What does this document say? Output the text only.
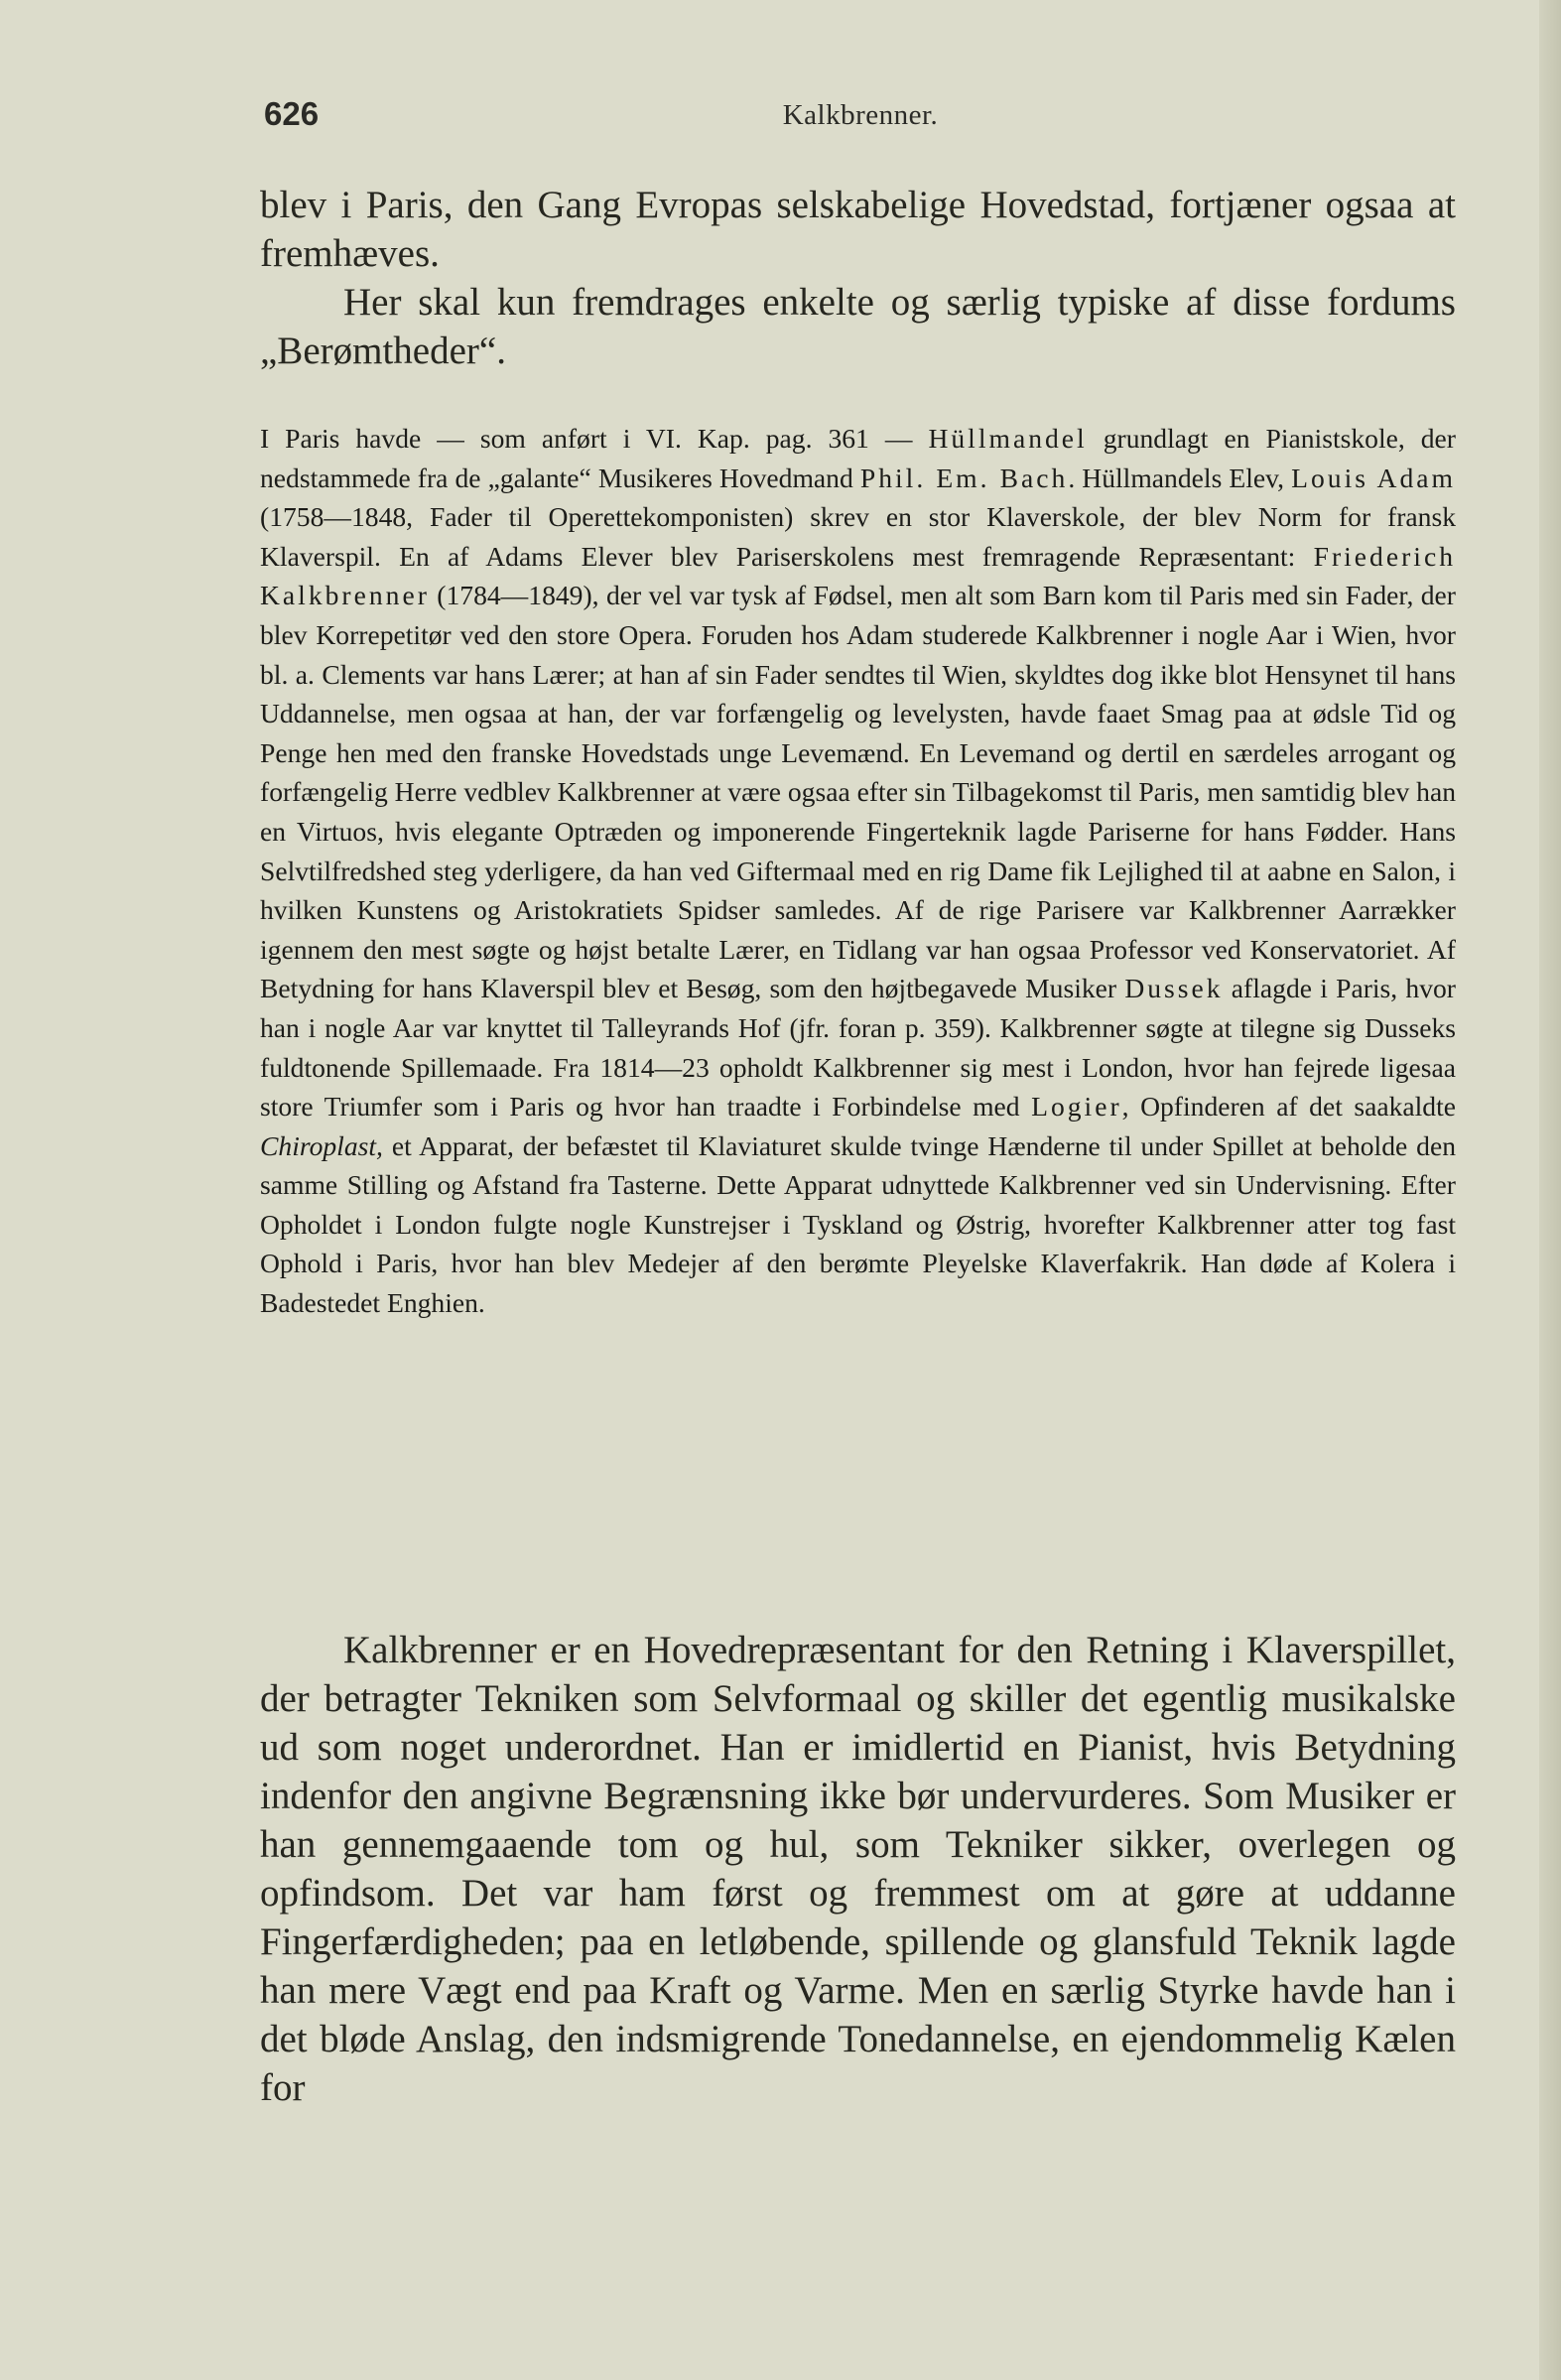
626	Kalkbrenner.

blev i Paris, den Gang Evropas selskabelige Hovedstad, fortjæner ogsaa at fremhæves.

Her skal kun fremdrages enkelte og særlig typiske af disse fordums „Berømtheder“.

I Paris havde — som anført i VI. Kap. pag. 361 — Hüllmandel grundlagt en Pianistskole, der nedstammede fra de „galante“ Musikeres Hovedmand Phil. Em. Bach. Hüllmandels Elev, Louis Adam (1758—1848, Fader til Operettekomponisten) skrev en stor Klaverskole, der blev Norm for fransk Klaverspil. En af Adams Elever blev Pariserskolens mest fremragende Repræsentant: Friederich Kalkbrenner (1784—1849), der vel var tysk af Fødsel, men alt som Barn kom til Paris med sin Fader, der blev Korrepetitør ved den store Opera. Foruden hos Adam studerede Kalkbrenner i nogle Aar i Wien, hvor bl. a. Clements var hans Lærer; at han af sin Fader sendtes til Wien, skyldtes dog ikke blot Hensynet til hans Uddannelse, men ogsaa at han, der var forfængelig og levelysten, havde faaet Smag paa at ødsle Tid og Penge hen med den franske Hovedstads unge Levemænd. En Levemand og dertil en særdeles arrogant og forfængelig Herre vedblev Kalkbrenner at være ogsaa efter sin Tilbagekomst til Paris, men samtidig blev han en Virtuos, hvis elegante Optræden og imponerende Fingerteknik lagde Pariserne for hans Fødder. Hans Selvtilfredshed steg yderligere, da han ved Giftermaal med en rig Dame fik Lejlighed til at aabne en Salon, i hvilken Kunstens og Aristokratiets Spidser samledes. Af de rige Parisere var Kalkbrenner Aarrækker igennem den mest søgte og højst betalte Lærer, en Tidlang var han ogsaa Professor ved Konservatoriet. Af Betydning for hans Klaverspil blev et Besøg, som den højtbegavede Musiker Dussek aflagde i Paris, hvor han i nogle Aar var knyttet til Talleyrands Hof (jfr. foran p. 359). Kalkbrenner søgte at tilegne sig Dusseks fuldtonende Spillemaade. Fra 1814—23 opholdt Kalkbrenner sig mest i London, hvor han fejrede ligesaa store Triumfer som i Paris og hvor han traadte i Forbindelse med Logier, Opfinderen af det saakaldte Chiroplast, et Apparat, der befæstet til Klaviaturet skulde tvinge Hænderne til under Spillet at beholde den samme Stilling og Afstand fra Tasterne. Dette Apparat udnyttede Kalkbrenner ved sin Undervisning. Efter Opholdet i London fulgte nogle Kunstrejser i Tyskland og Østrig, hvorefter Kalkbrenner atter tog fast Ophold i Paris, hvor han blev Medejer af den berømte Pleyelske Klaverfakrik. Han døde af Kolera i Badestedet Enghien.

Kalkbrenner er en Hovedrepræsentant for den Retning i Klaverspillet, der betragter Tekniken som Selvformaal og skiller det egentlig musikalske ud som noget underordnet. Han er imidlertid en Pianist, hvis Betydning indenfor den angivne Begrænsning ikke bør undervurderes. Som Musiker er han gennemgaaende tom og hul, som Tekniker sikker, overlegen og opfindsom. Det var ham først og fremmest om at gøre at uddanne Fingerfærdigheden; paa en letløbende, spillende og glansfuld Teknik lagde han mere Vægt end paa Kraft og Varme. Men en særlig Styrke havde han i det bløde Anslag, den indsmigrende Tonedannelse, en ejendommelig Kælen for
